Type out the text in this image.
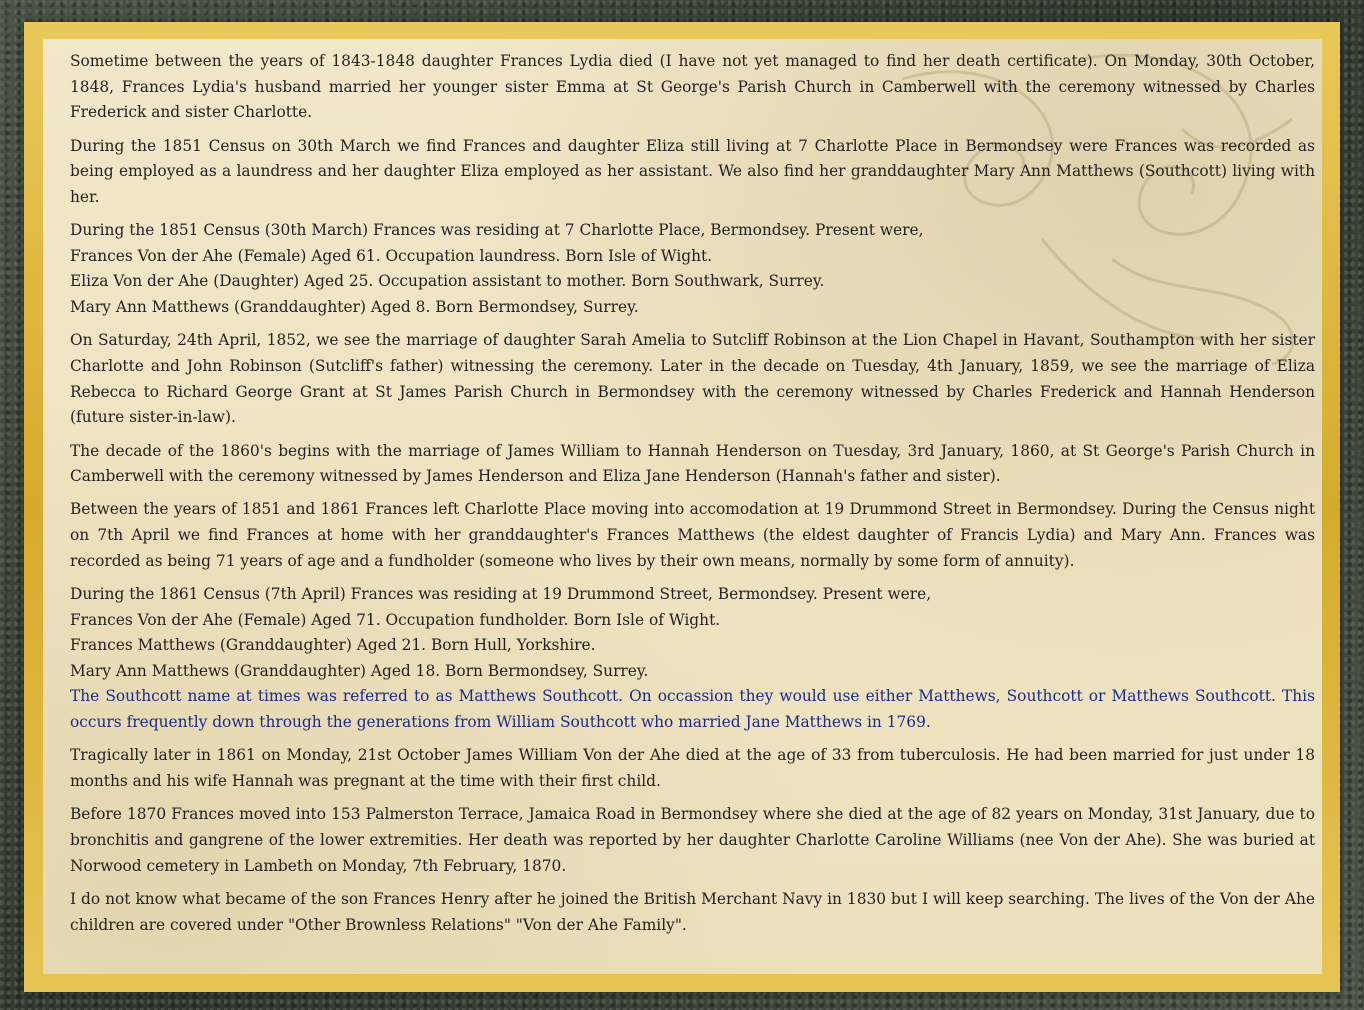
Sometime between the years of 1843-1848 daughter Frances Lydia died (I have not yet managed to find her death certificate). On Monday, 30th October, 1848, Frances Lydia's husband married her younger sister Emma at St George's Parish Church in Camberwell with the ceremony witnessed by Charles Frederick and sister Charlotte.

During the 1851 Census on 30th March we find Frances and daughter Eliza still living at 7 Charlotte Place in Bermondsey were Frances was recorded as being employed as a laundress and her daughter Eliza employed as her assistant. We also find her granddaughter Mary Ann Matthews (Southcott) living with her.

During the 1851 Census (30th March) Frances was residing at 7 Charlotte Place, Bermondsey. Present were,
Frances Von der Ahe (Female) Aged 61. Occupation laundress. Born Isle of Wight.
Eliza Von der Ahe (Daughter) Aged 25. Occupation assistant to mother. Born Southwark, Surrey.
Mary Ann Matthews (Granddaughter) Aged 8. Born Bermondsey, Surrey.

On Saturday, 24th April, 1852, we see the marriage of daughter Sarah Amelia to Sutcliff Robinson at the Lion Chapel in Havant, Southampton with her sister Charlotte and John Robinson (Sutcliff's father) witnessing the ceremony. Later in the decade on Tuesday, 4th January, 1859, we see the marriage of Eliza Rebecca to Richard George Grant at St James Parish Church in Bermondsey with the ceremony witnessed by Charles Frederick and Hannah Henderson (future sister-in-law).

The decade of the 1860's begins with the marriage of James William to Hannah Henderson on Tuesday, 3rd January, 1860, at St George's Parish Church in Camberwell with the ceremony witnessed by James Henderson and Eliza Jane Henderson (Hannah's father and sister).

Between the years of 1851 and 1861 Frances left Charlotte Place moving into accomodation at 19 Drummond Street in Bermondsey. During the Census night on 7th April we find Frances at home with her granddaughter's Frances Matthews (the eldest daughter of Francis Lydia) and Mary Ann. Frances was recorded as being 71 years of age and a fundholder (someone who lives by their own means, normally by some form of annuity).

During the 1861 Census (7th April) Frances was residing at 19 Drummond Street, Bermondsey. Present were,
Frances Von der Ahe (Female) Aged 71. Occupation fundholder. Born Isle of Wight.
Frances Matthews (Granddaughter) Aged 21. Born Hull, Yorkshire.
Mary Ann Matthews (Granddaughter) Aged 18. Born Bermondsey, Surrey.
The Southcott name at times was referred to as Matthews Southcott. On occassion they would use either Matthews, Southcott or Matthews Southcott. This occurs frequently down through the generations from William Southcott who married Jane Matthews in 1769.

Tragically later in 1861 on Monday, 21st October James William Von der Ahe died at the age of 33 from tuberculosis. He had been married for just under 18 months and his wife Hannah was pregnant at the time with their first child.

Before 1870 Frances moved into 153 Palmerston Terrace, Jamaica Road in Bermondsey where she died at the age of 82 years on Monday, 31st January, due to bronchitis and gangrene of the lower extremities. Her death was reported by her daughter Charlotte Caroline Williams (nee Von der Ahe). She was buried at Norwood cemetery in Lambeth on Monday, 7th February, 1870.

I do not know what became of the son Frances Henry after he joined the British Merchant Navy in 1830 but I will keep searching. The lives of the Von der Ahe children are covered under "Other Brownless Relations" "Von der Ahe Family".
